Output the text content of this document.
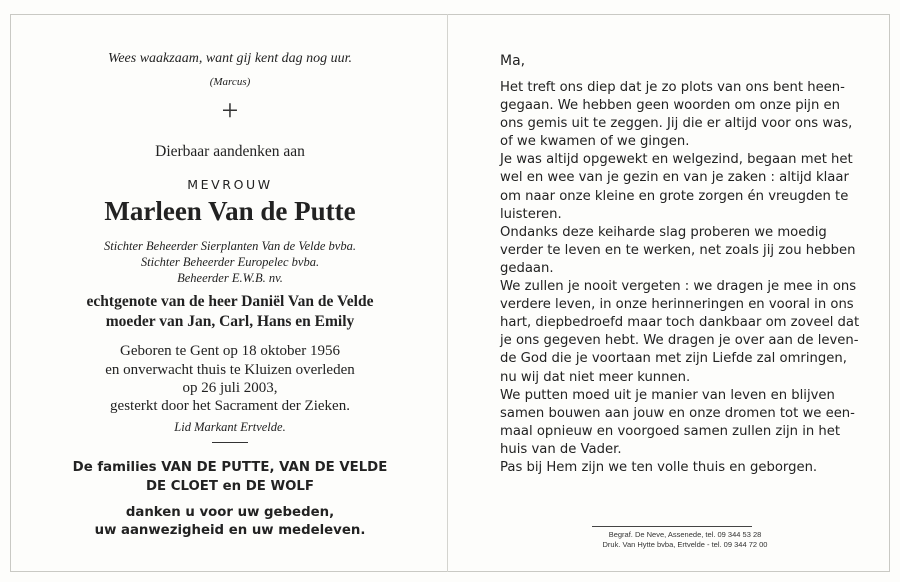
Wees waakzaam, want gij kent dag nog uur.
(Marcus)
+
Dierbaar aandenken aan
MEVROUW
Marleen Van de Putte
Stichter Beheerder Sierplanten Van de Velde bvba.
Stichter Beheerder Europelec bvba.
Beheerder E.W.B. nv.
echtgenote van de heer Daniël Van de Velde
moeder van Jan, Carl, Hans en Emily
Geboren te Gent op 18 oktober 1956
en onverwacht thuis te Kluizen overleden
op 26 juli 2003,
gesterkt door het Sacrament der Zieken.
Lid Markant Ertvelde.
De families VAN DE PUTTE, VAN DE VELDE
DE CLOET en DE WOLF
danken u voor uw gebeden,
uw aanwezigheid en uw medeleven.

Ma,

Het treft ons diep dat je zo plots van ons bent heen-
gegaan. We hebben geen woorden om onze pijn en
ons gemis uit te zeggen. Jij die er altijd voor ons was,
of we kwamen of we gingen.
Je was altijd opgewekt en welgezind, begaan met het
wel en wee van je gezin en van je zaken : altijd klaar
om naar onze kleine en grote zorgen én vreugden te
luisteren.
Ondanks deze keiharde slag proberen we moedig
verder te leven en te werken, net zoals jij zou hebben
gedaan.
We zullen je nooit vergeten : we dragen je mee in ons
verdere leven, in onze herinneringen en vooral in ons
hart, diepbedroefd maar toch dankbaar om zoveel dat
je ons gegeven hebt. We dragen je over aan de leven-
de God die je voortaan met zijn Liefde zal omringen,
nu wij dat niet meer kunnen.
We putten moed uit je manier van leven en blijven
samen bouwen aan jouw en onze dromen tot we een-
maal opnieuw en voorgoed samen zullen zijn in het
huis van de Vader.
Pas bij Hem zijn we ten volle thuis en geborgen.
Begraf. De Neve, Assenede, tel. 09 344 53 28
Druk. Van Hytte bvba, Ertvelde - tel. 09 344 72 00
